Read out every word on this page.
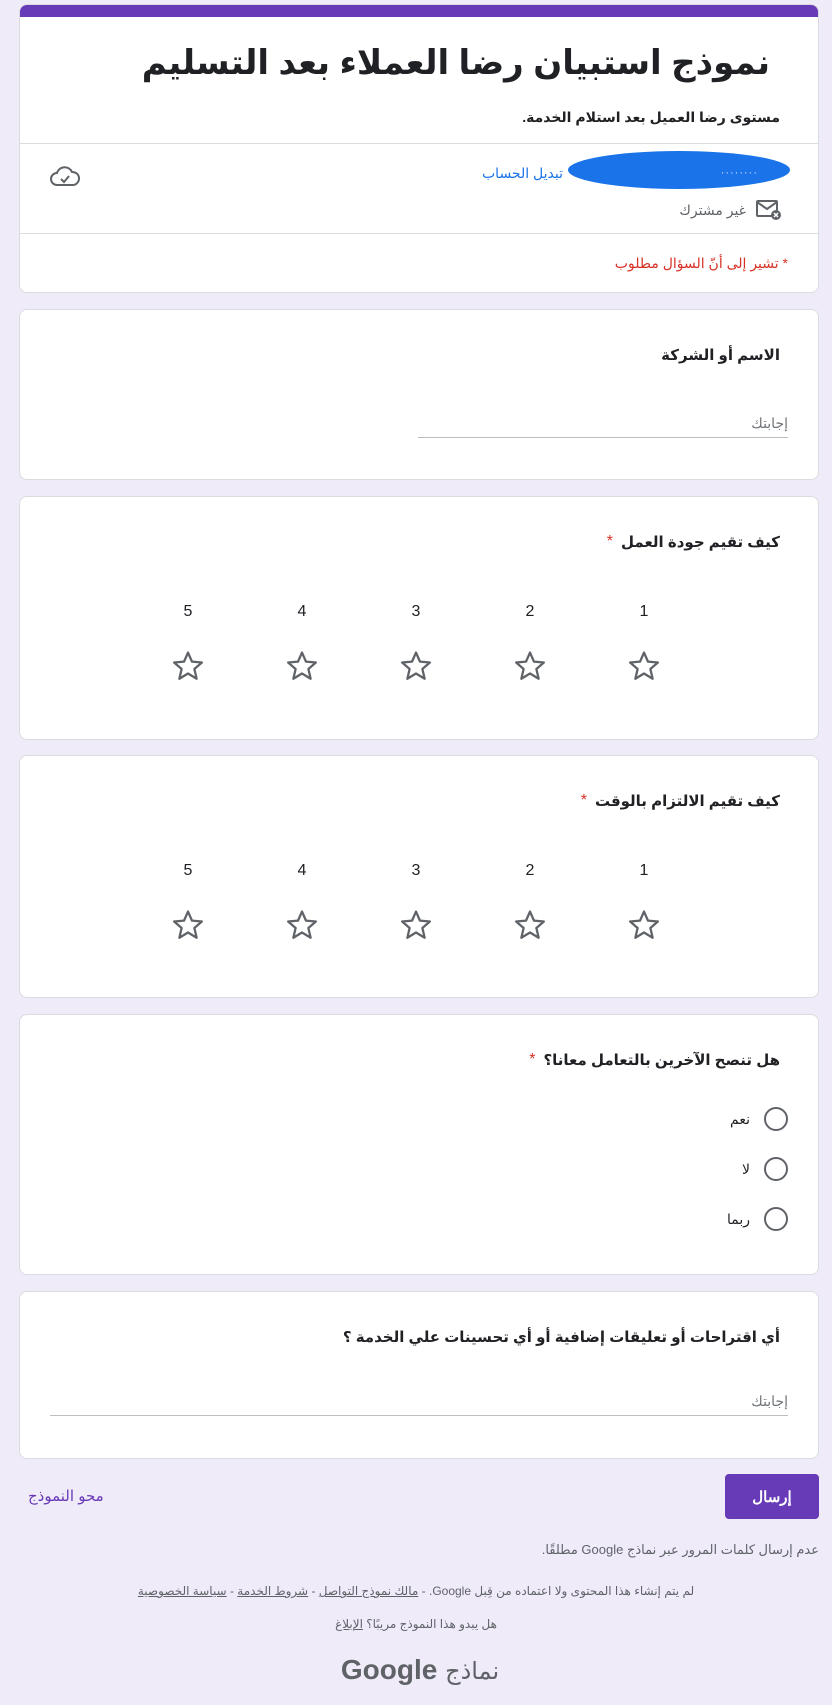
نموذج استبيان رضا العملاء بعد التسليم
مستوى رضا العميل بعد استلام الخدمة.
········
تبديل الحساب
غير مشترك
* تشير إلى أنّ السؤال مطلوب
الاسم أو الشركة
إجابتك
كيف تقيم جودة العمل
*
5	4	3	2	1
كيف تقيم الالتزام بالوقت
*
5	4	3	2	1
هل تنصح الآخرين بالتعامل معانا؟
*
نعم
لا
ربما
أي اقتراحات أو تعليقات إضافية أو أي تحسينات علي الخدمة ؟
إجابتك
إرسال
محو النموذج
عدم إرسال كلمات المرور عبر نماذج Google مطلقًا.
لم يتم إنشاء هذا المحتوى ولا اعتماده من قِبل Google. - مالك نموذج التواصل - شروط الخدمة - سياسة الخصوصية
هل يبدو هذا النموذج مريبًا؟ الإبلاغ
نماذج Google
